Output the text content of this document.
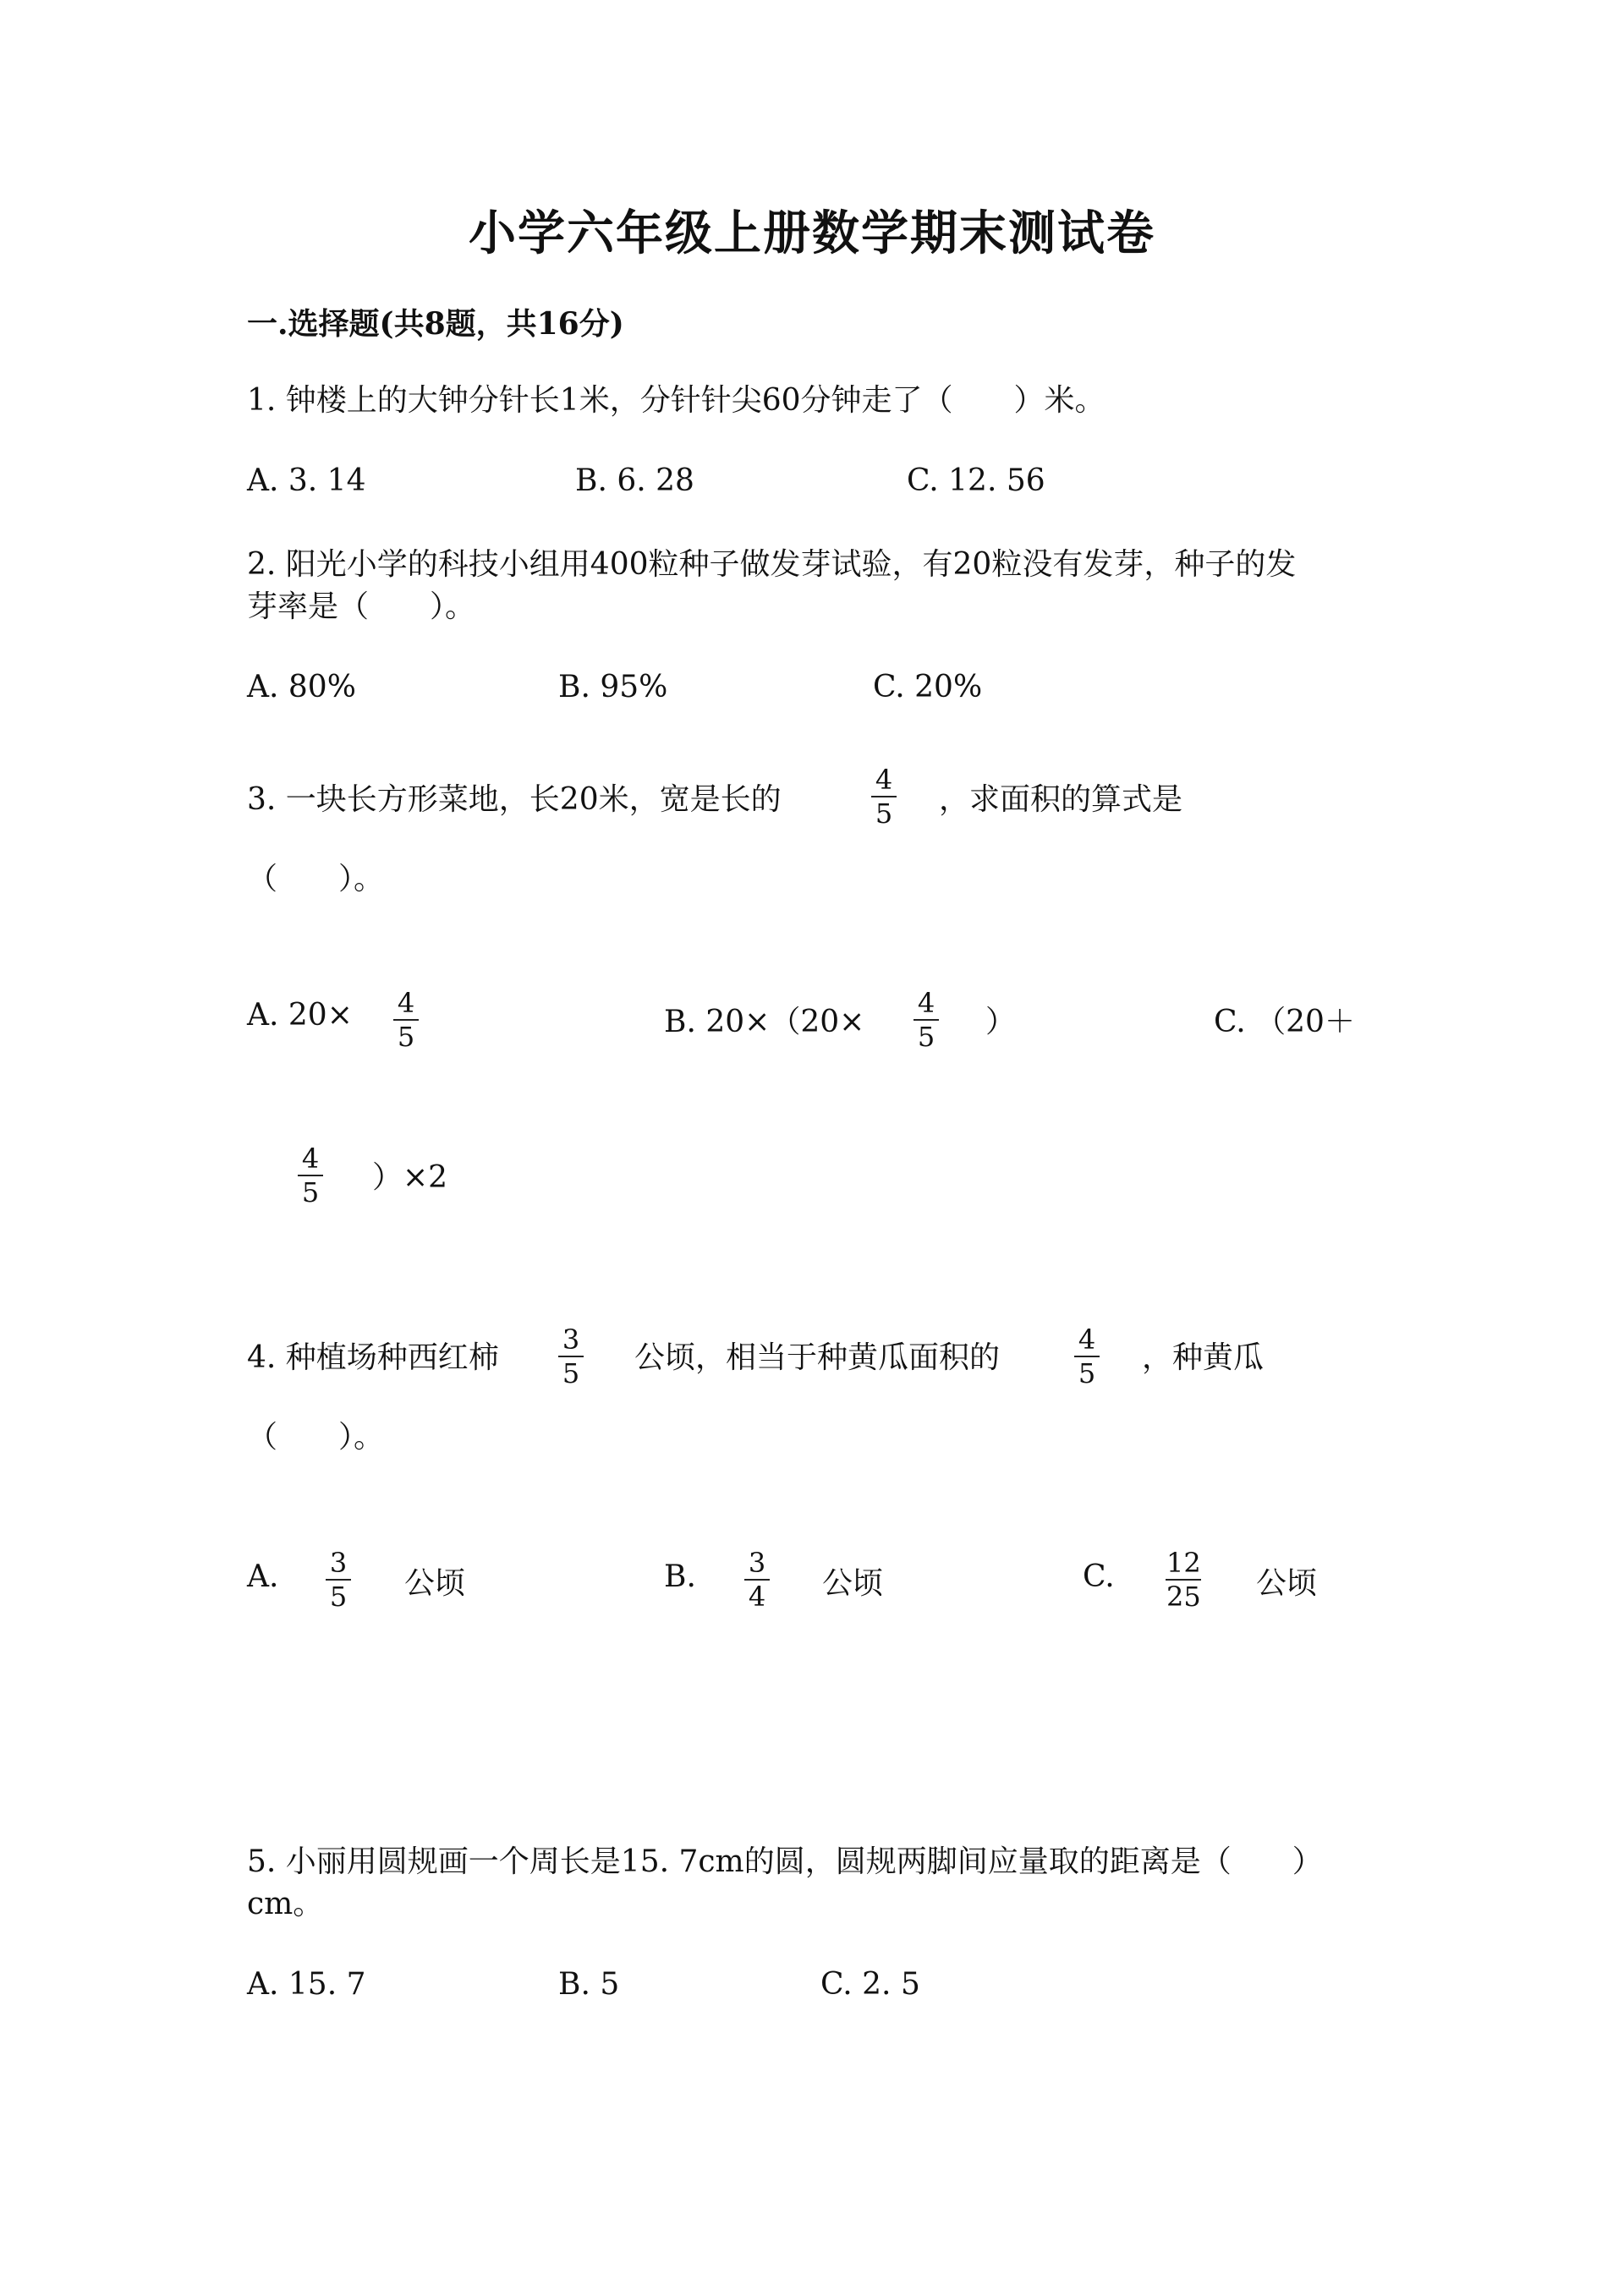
小学六年级上册数学期末测试卷
一.选择题(共8题，共16分)
1. 钟楼上的大钟分针长1米，分针针尖60分钟走了（　　）米。
A. 3. 14	B. 6. 28	C. 12. 56
2. 阳光小学的科技小组用400粒种子做发芽试验，有20粒没有发芽，种子的发
芽率是（　　）。
A. 80%	B. 95%	C. 20%
3. 一块长方形菜地，长20米，宽是长的
4
5 ，求面积的算式是
（　　）。
A. 20× 4
5	B. 20×（20×
4
5 ）	C. （20＋
4
5 ）×2
4. 种植场种西红柿
3
5 公顷，相当于种黄瓜面积的
4
5 ，种黄瓜
（　　）。
A. 3
5 公顷	B. 3
4 公顷	C. 12
25 公顷
5. 小丽用圆规画一个周长是15. 7cm的圆，圆规两脚间应量取的距离是（　　）
cm。
A. 15. 7	B. 5	C. 2. 5
